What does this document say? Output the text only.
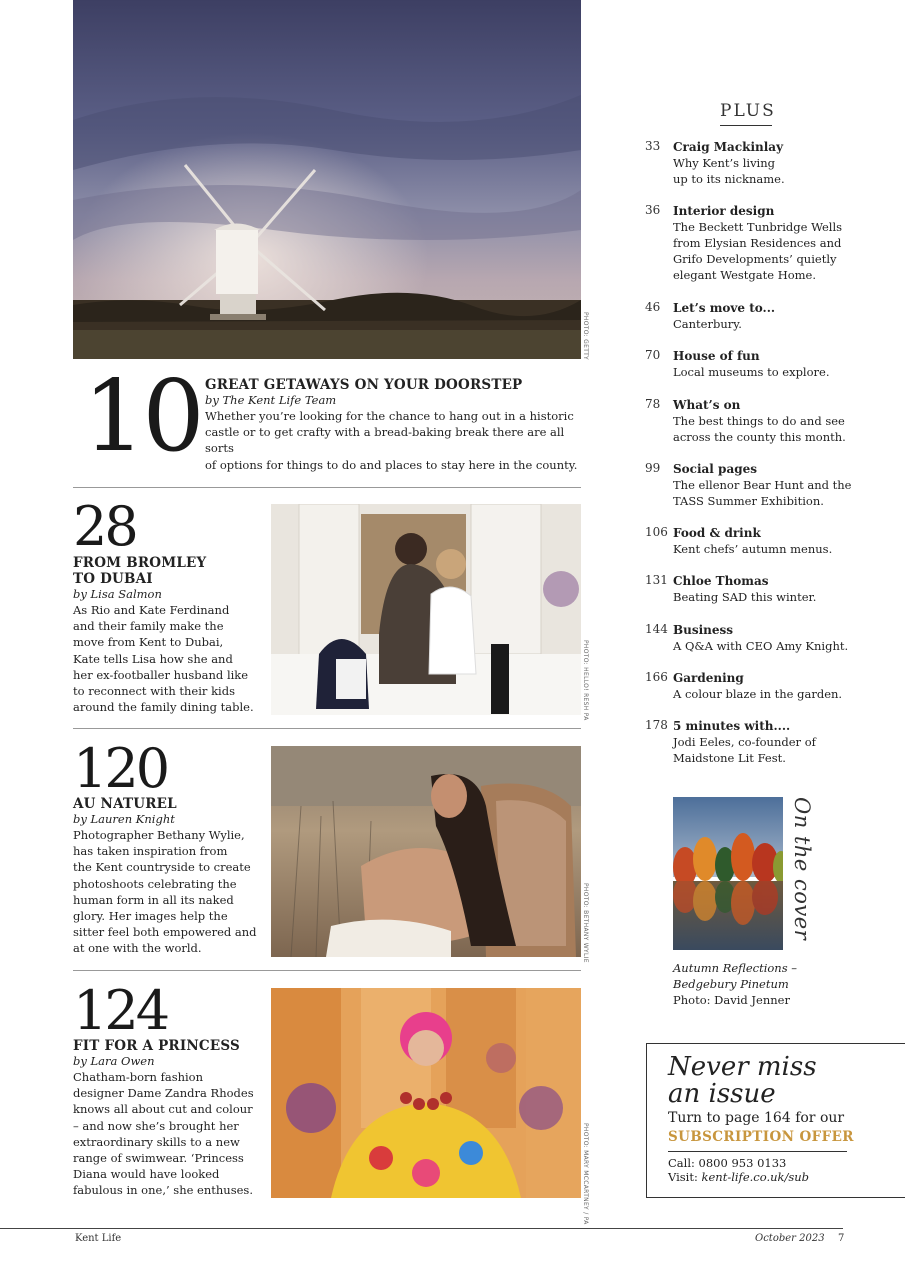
PHOTO: GETTY
10 GREAT GETAWAYS ON YOUR DOORSTEP
by The Kent Life Team
Whether you’re looking for the chance to hang out in a historic
castle or to get crafty with a bread-baking break there are all sorts
of options for things to do and places to stay here in the county.
28
FROM BROMLEY
TO DUBAI
by Lisa Salmon
As Rio and Kate Ferdinand
and their family make the
move from Kent to Dubai,
Kate tells Lisa how she and
her ex-footballer husband like
to reconnect with their kids
around the family dining table.	PHOTO: HELLO! RESH PA
120
AU NATUREL
by Lauren Knight
Photographer Bethany Wylie,
has taken inspiration from
the Kent countryside to create
photoshoots celebrating the
human form in all its naked
glory. Her images help the
sitter feel both empowered and
at one with the world.	PHOTO: BETHANY WYLIE
124
FIT FOR A PRINCESS
by Lara Owen
Chatham-born fashion
designer Dame Zandra Rhodes
knows all about cut and colour
– and now she’s brought her
extraordinary skills to a new
range of swimwear. ‘Princess
Diana would have looked
fabulous in one,’ she enthuses.	PHOTO: MARY MCCARTNEY / PA
PLUS
33 Craig Mackinlay
Why Kent’s living
up to its nickname.
36 Interior design
The Beckett Tunbridge Wells
from Elysian Residences and
Grifo Developments’ quietly
elegant Westgate Home.
46 Let’s move to...
Canterbury.
70 House of fun
Local museums to explore.
78 What’s on
The best things to do and see
across the county this month.
99 Social pages
The ellenor Bear Hunt and the
TASS Summer Exhibition.
106 Food & drink
Kent chefs’ autumn menus.
131 Chloe Thomas
Beating SAD this winter.
144 Business
A Q&A with CEO Amy Knight.
166 Gardening
A colour blaze in the garden.
178 5 minutes with....
Jodi Eeles, co-founder of
Maidstone Lit Fest.
On the cover
Autumn Reflections –
Bedgebury Pinetum
Photo: David Jenner
Never miss
an issue
Turn to page 164 for our
SUBSCRIPTION OFFER
Call: 0800 953 0133
Visit: kent-life.co.uk/sub
Kent Life	October 2023 7
